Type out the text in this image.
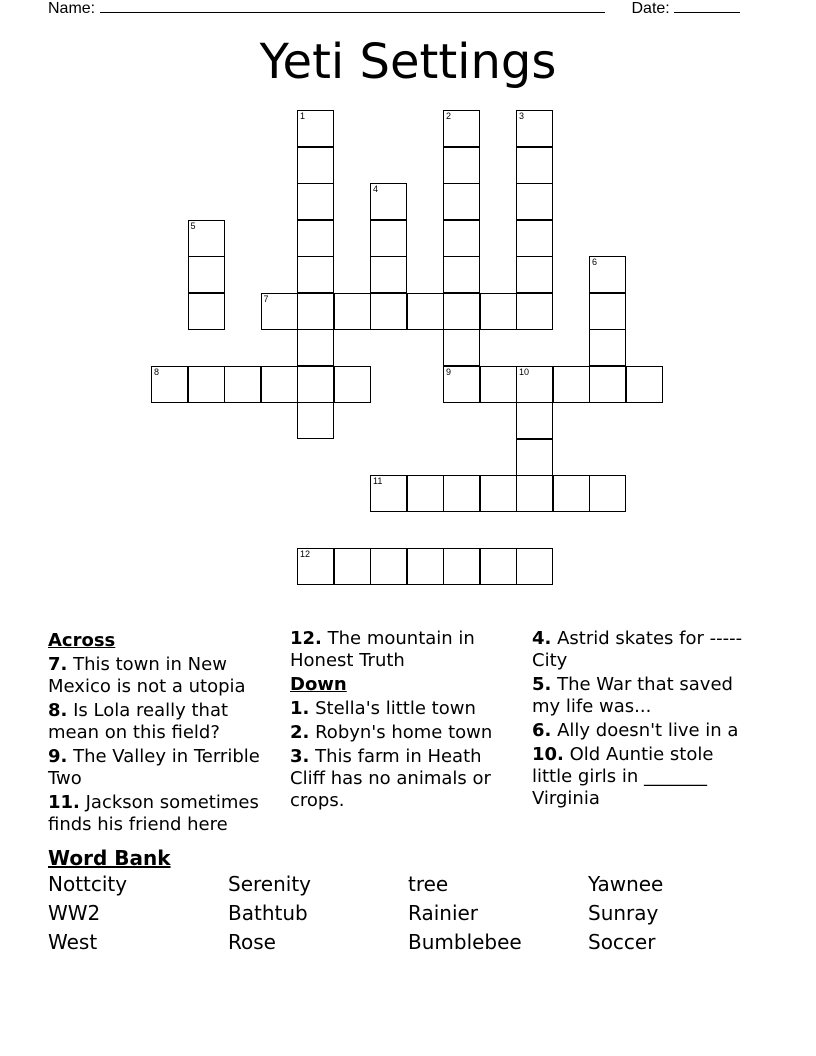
Name:	Date:
Yeti Settings
1	2	3
4
5
6
7
8	9	10
11
12
Across
7. This town in New Mexico is not a utopia
8. Is Lola really that mean on this field?
9. The Valley in Terrible Two
11. Jackson sometimes finds his friend here
12. The mountain in Honest Truth
Down
1. Stella's little town
2. Robyn's home town
3. This farm in Heath Cliff has no animals or crops.
4. Astrid skates for ----- City
5. The War that saved my life was...
6. Ally doesn't live in a
10. Old Auntie stole little girls in _______ Virginia
Word Bank
Nottcity	Serenity	tree	Yawnee
WW2	Bathtub	Rainier	Sunray
West	Rose	Bumblebee	Soccer
